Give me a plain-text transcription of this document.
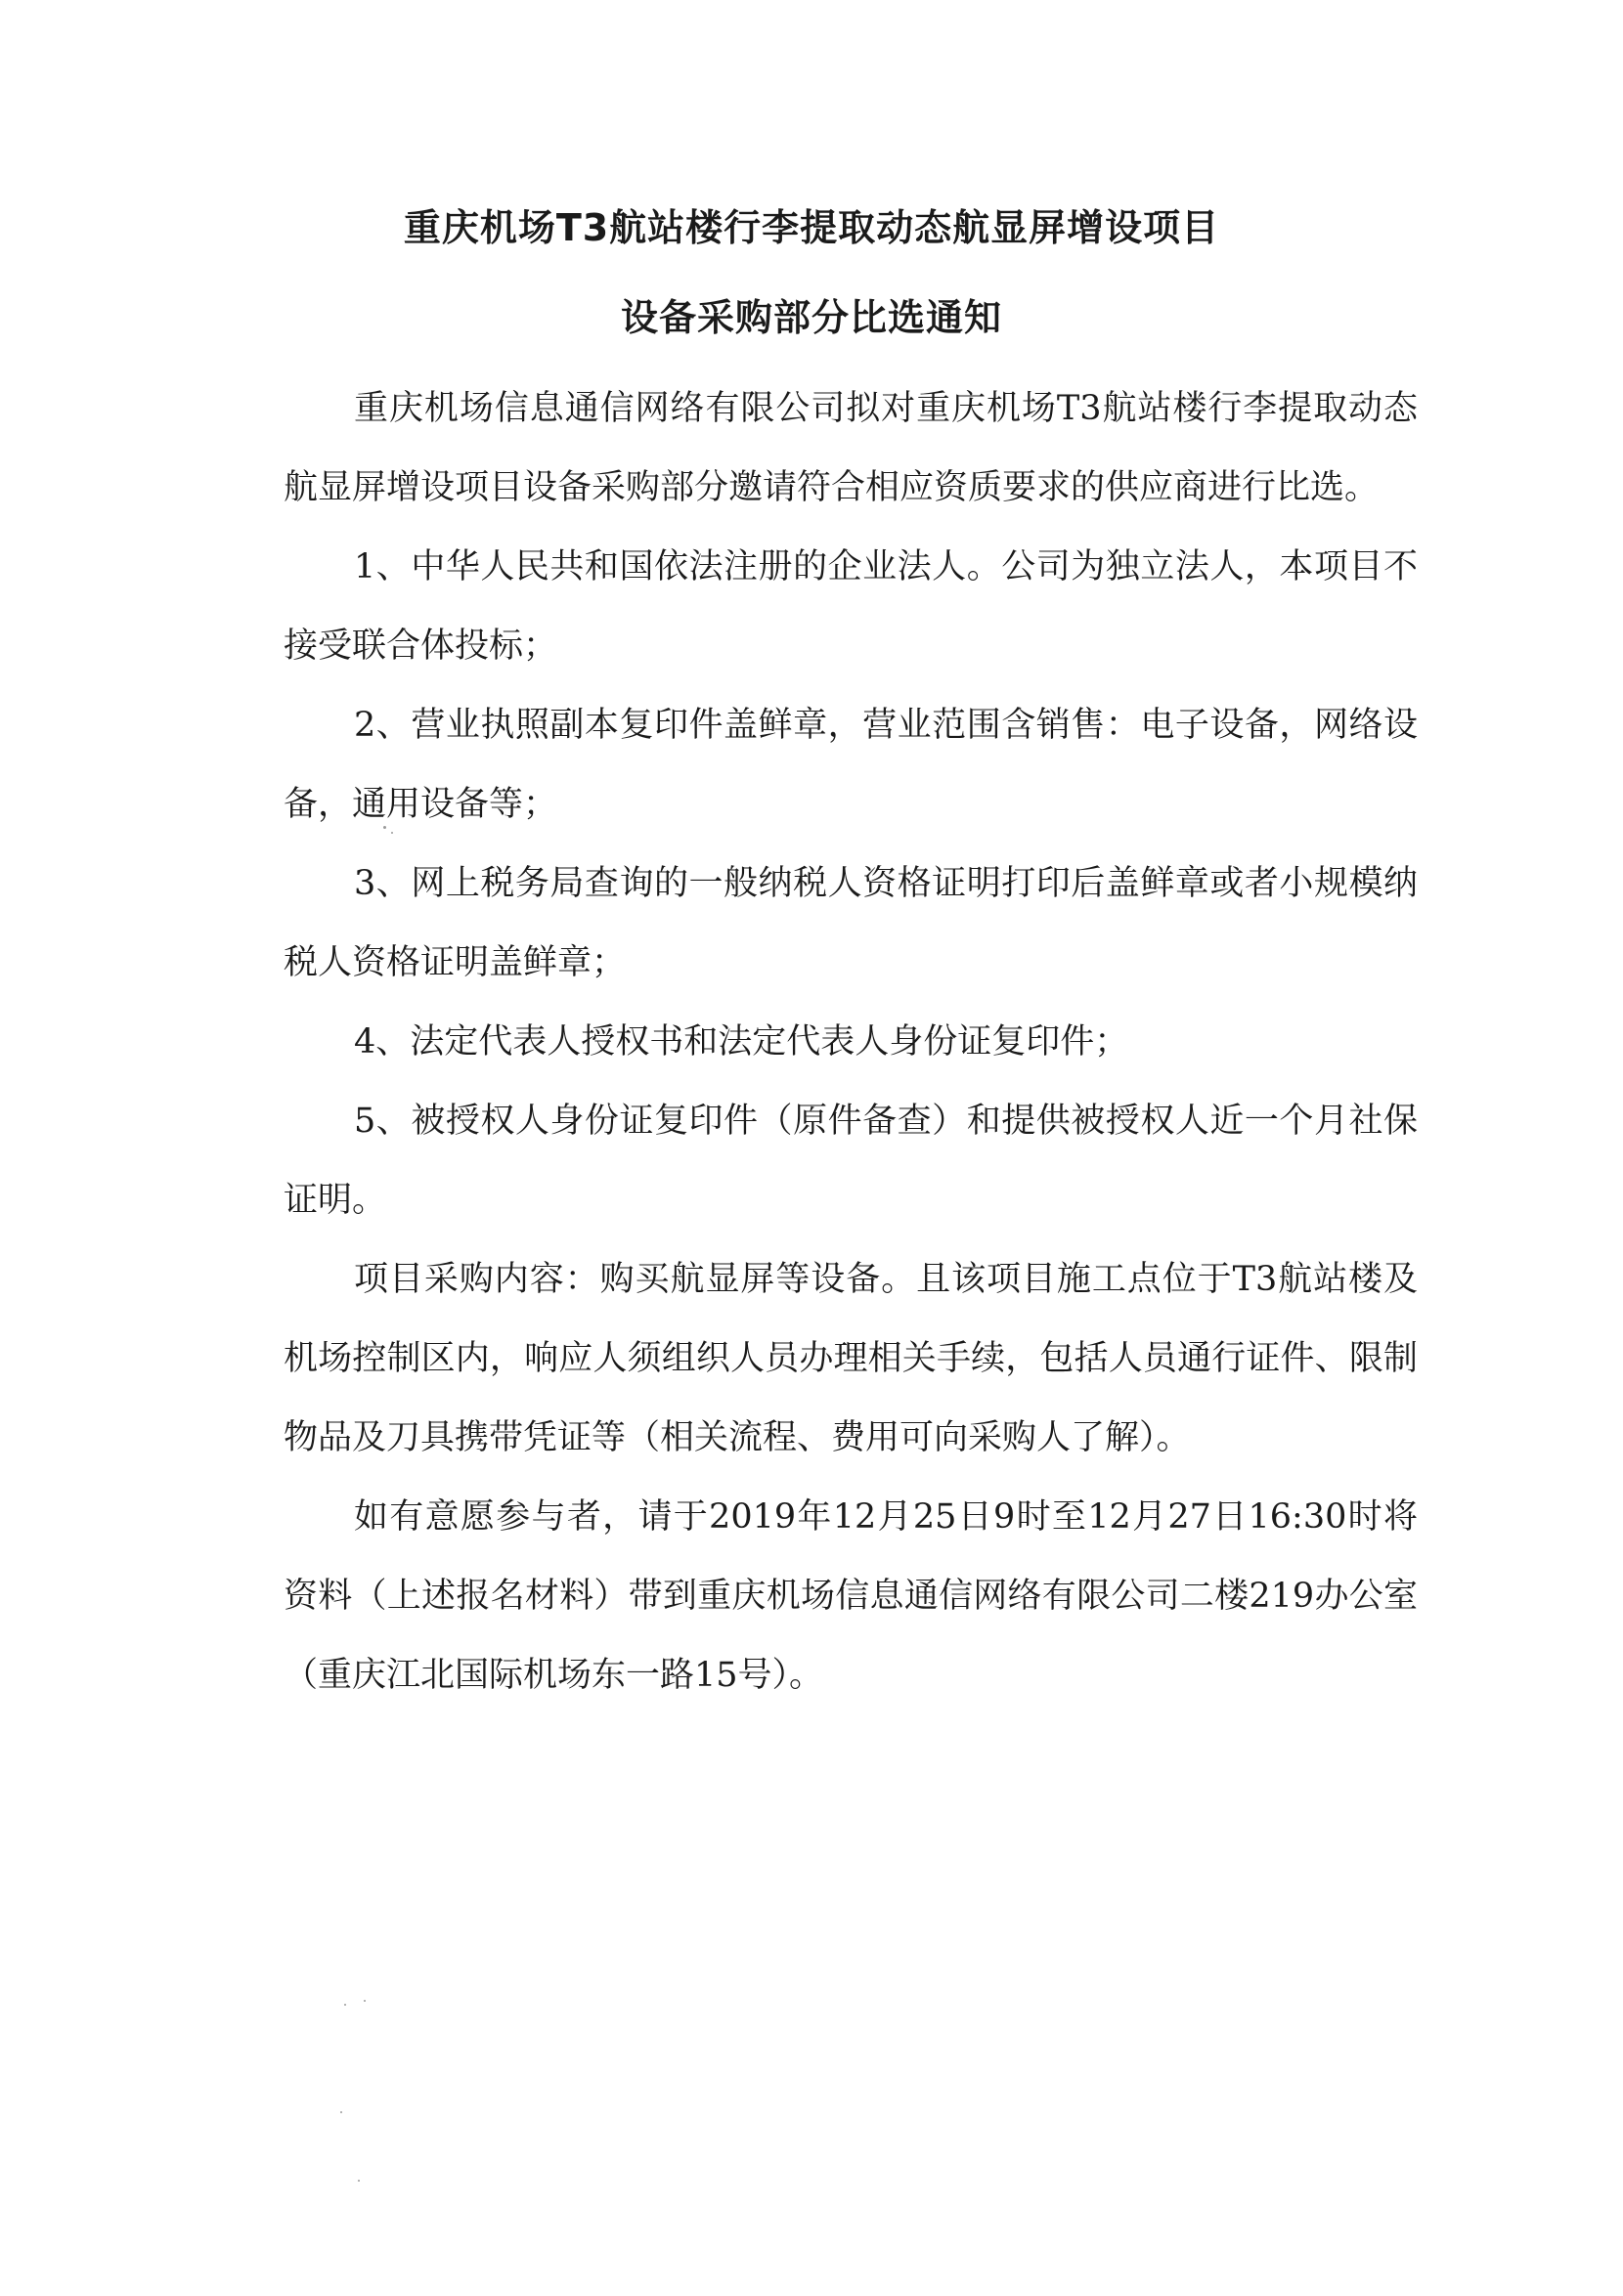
重庆机场T3航站楼行李提取动态航显屏增设项目
设备采购部分比选通知

重庆机场信息通信网络有限公司拟对重庆机场T3航站楼行李提取动态航显屏增设项目设备采购部分邀请符合相应资质要求的供应商进行比选。

1、中华人民共和国依法注册的企业法人。公司为独立法人，本项目不接受联合体投标；

2、营业执照副本复印件盖鲜章，营业范围含销售：电子设备，网络设备，通用设备等；

3、网上税务局查询的一般纳税人资格证明打印后盖鲜章或者小规模纳税人资格证明盖鲜章；

4、法定代表人授权书和法定代表人身份证复印件；

5、被授权人身份证复印件（原件备查）和提供被授权人近一个月社保证明。

项目采购内容：购买航显屏等设备。且该项目施工点位于T3航站楼及机场控制区内，响应人须组织人员办理相关手续，包括人员通行证件、限制物品及刀具携带凭证等（相关流程、费用可向采购人了解）。

如有意愿参与者，请于2019年12月25日9时至12月27日16:30时将资料（上述报名材料）带到重庆机场信息通信网络有限公司二楼219办公室（重庆江北国际机场东一路15号）。
